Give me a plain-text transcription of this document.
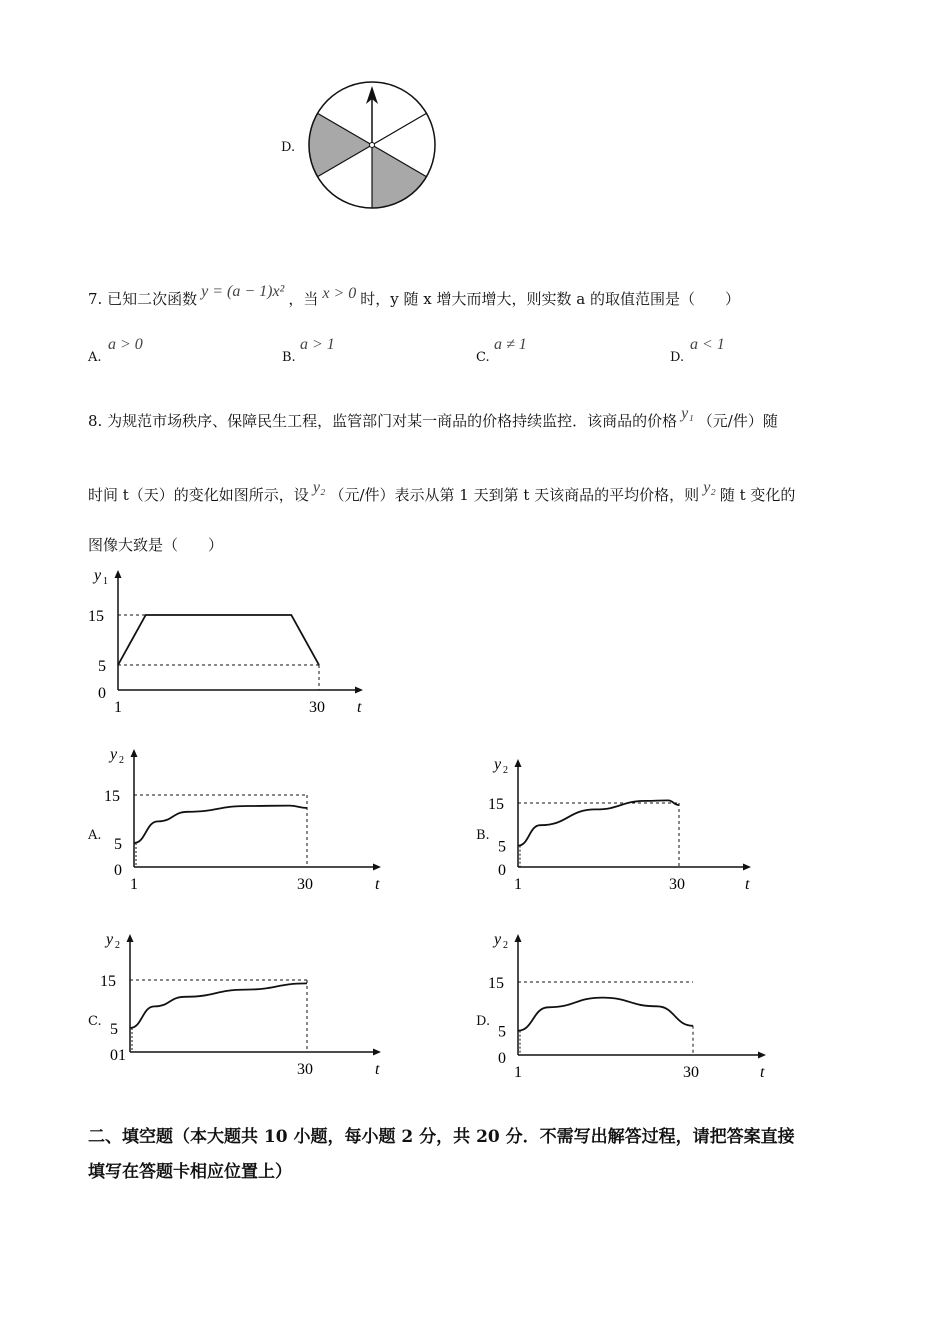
D.
7. 已知二次函数 y = (a − 1)x² ，当 x > 0 时，y 随 x 增大而增大，则实数 a 的取值范围是（　　）
A.
a > 0
B.
a > 1
C.
a ≠ 1
D.
a < 1
8. 为规范市场秩序、保障民生工程，监管部门对某一商品的价格持续监控．该商品的价格 y₁ （元/件）随
时间 t（天）的变化如图所示，设 y₂ （元/件）表示从第 1 天到第 t 天该商品的平均价格，则 y₂ 随 t 变化的
图像大致是（　　）
A.	B.
C.	D.
y 1
t
15
5
0
1	30
y 2
t
15
5
0
1	30
y 2
t
15
5
0
1	30
y 2
t
15
5
01
30
y 2
t
15
5
0
1	30
二、填空题（本大题共 10 小题，每小题 2 分，共 20 分．不需写出解答过程，请把答案直接
填写在答题卡相应位置上）
